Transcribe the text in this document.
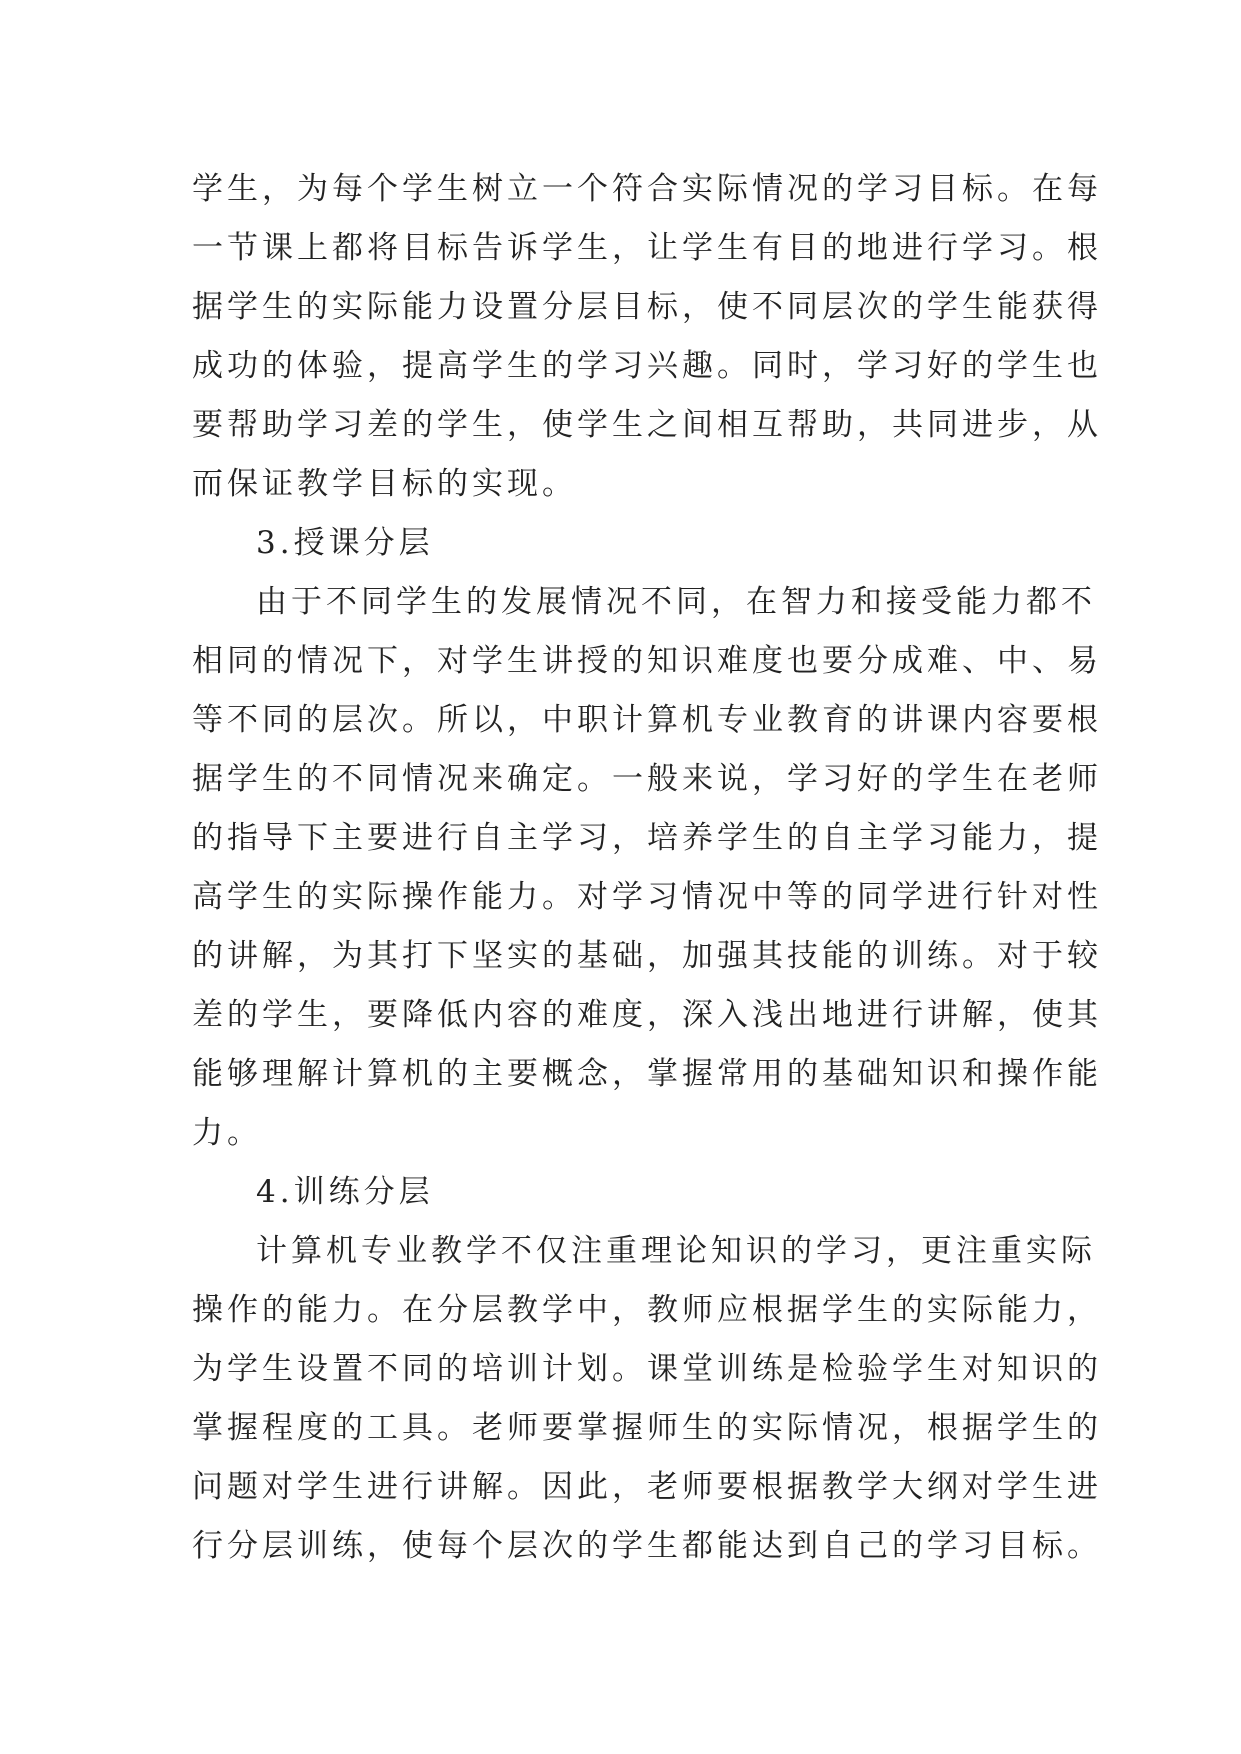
学生，为每个学生树立一个符合实际情况的学习目标。在每
一节课上都将目标告诉学生，让学生有目的地进行学习。根
据学生的实际能力设置分层目标，使不同层次的学生能获得
成功的体验，提高学生的学习兴趣。同时，学习好的学生也
要帮助学习差的学生，使学生之间相互帮助，共同进步，从
而保证教学目标的实现。
3.授课分层
由于不同学生的发展情况不同，在智力和接受能力都不
相同的情况下，对学生讲授的知识难度也要分成难、中、易
等不同的层次。所以，中职计算机专业教育的讲课内容要根
据学生的不同情况来确定。一般来说，学习好的学生在老师
的指导下主要进行自主学习，培养学生的自主学习能力，提
高学生的实际操作能力。对学习情况中等的同学进行针对性
的讲解，为其打下坚实的基础，加强其技能的训练。对于较
差的学生，要降低内容的难度，深入浅出地进行讲解，使其
能够理解计算机的主要概念，掌握常用的基础知识和操作能
力。
4.训练分层
计算机专业教学不仅注重理论知识的学习，更注重实际
操作的能力。在分层教学中，教师应根据学生的实际能力，
为学生设置不同的培训计划。课堂训练是检验学生对知识的
掌握程度的工具。老师要掌握师生的实际情况，根据学生的
问题对学生进行讲解。因此，老师要根据教学大纲对学生进
行分层训练，使每个层次的学生都能达到自己的学习目标。
